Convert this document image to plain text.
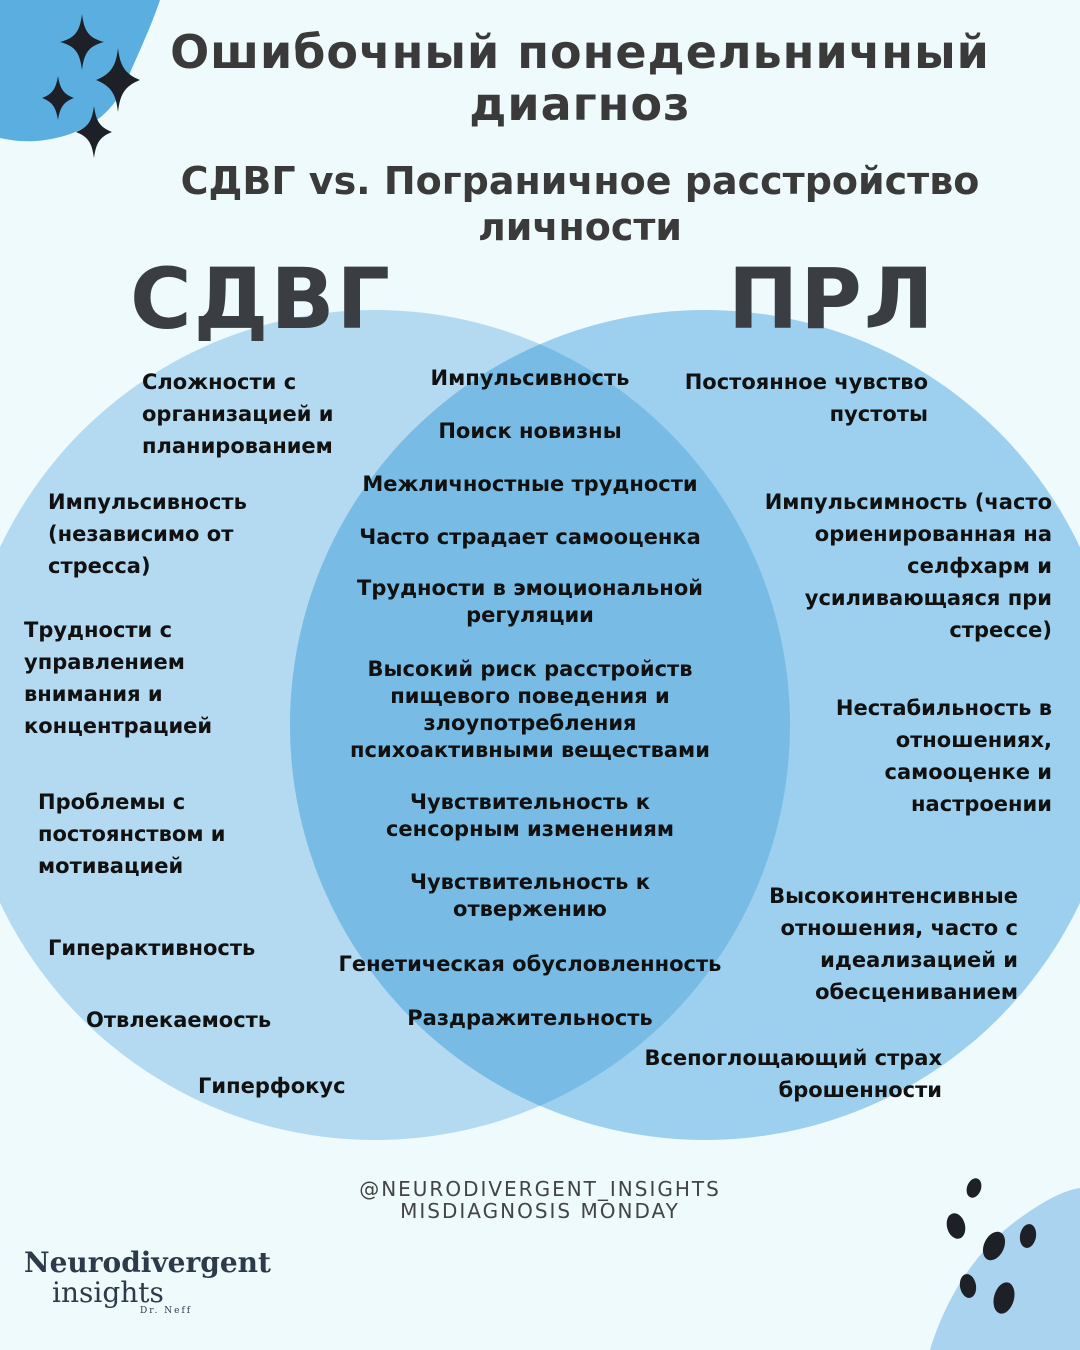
Ошибочный понедельничный
диагноз
СДВГ vs. Пограничное расстройство личности
СДВГ	ПРЛ
Сложности с организацией и планированием
Импульсивность (независимо от стресса)
Трудности с управлением внимания и концентрацией
Проблемы с постоянством и мотивацией
Гиперактивность
Отвлекаемость
Гиперфокус
Импульсивность
Поиск новизны
Межличностные трудности
Часто страдает самооценка
Трудности в эмоциональной регуляции
Высокий риск расстройств пищевого поведения и злоупотребления психоактивными веществами
Чувствительность к сенсорным изменениям
Чувствительность к отвержению
Генетическая обусловленность
Раздражительность
Постоянное чувство пустоты
Импульсимность (часто ориенированная на селфхарм и усиливающаяся при стрессе)
Нестабильность в отношениях, самооценке и настроении
Высокоинтенсивные отношения, часто с идеализацией и обесцениванием
Всепоглощающий страх брошенности
@NEURODIVERGENT_INSIGHTS
MISDIAGNOSIS MONDAY
Neurodivergent
insights
Dr. Neff
